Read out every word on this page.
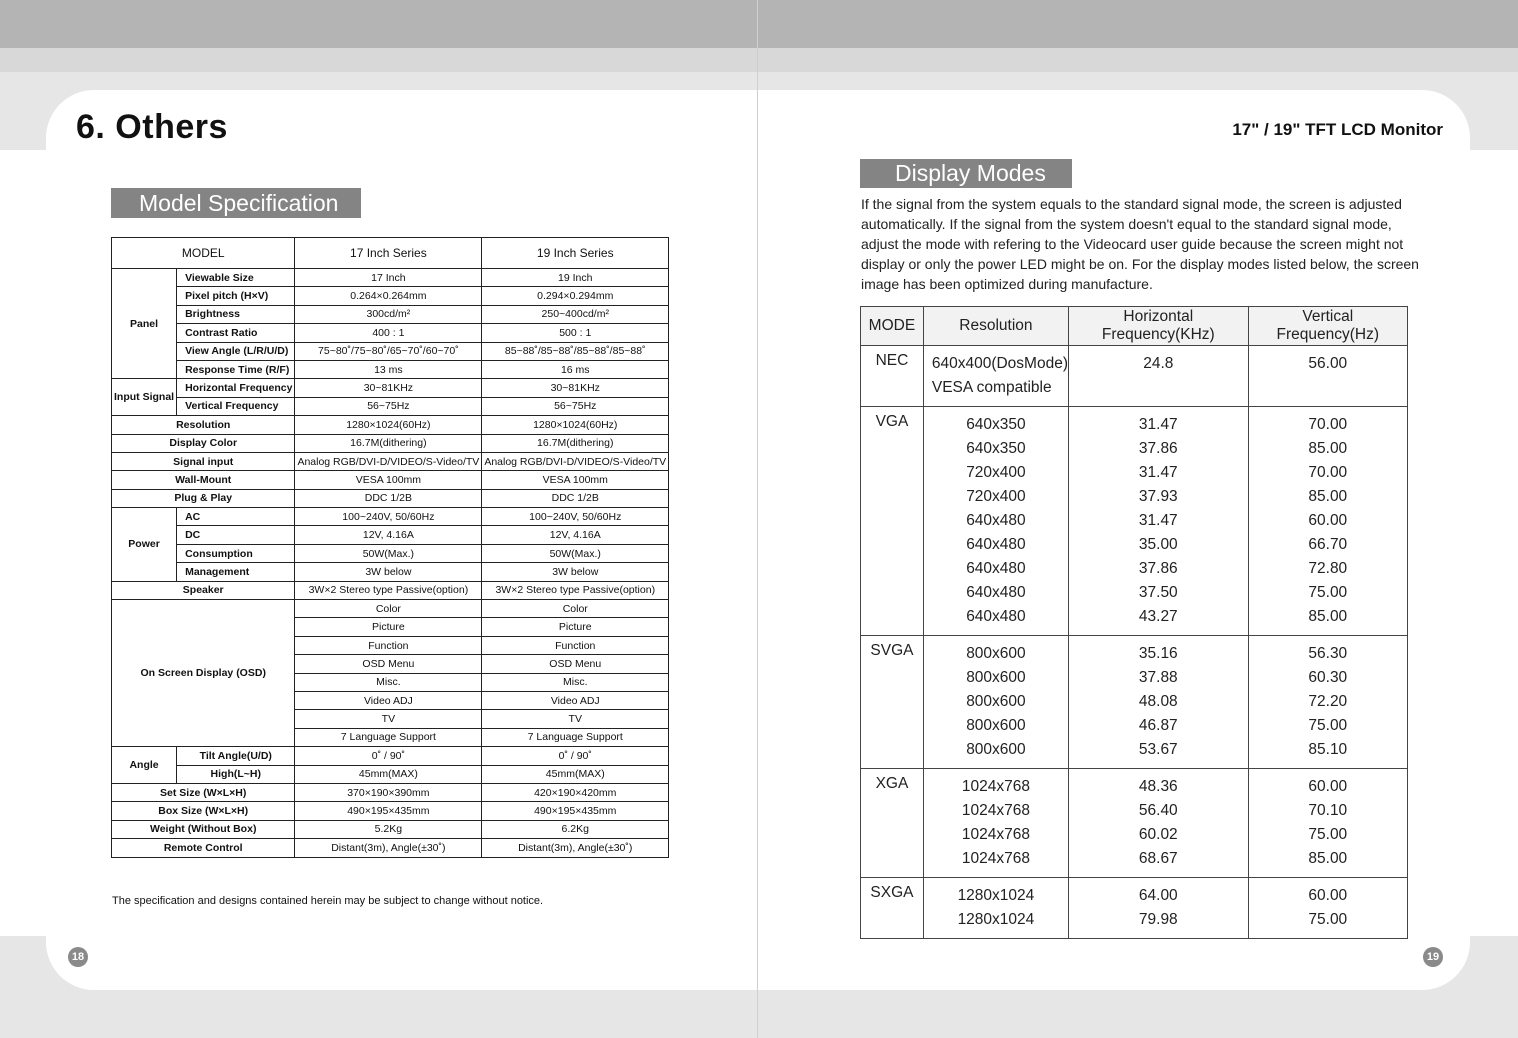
6. Others	17" / 19" TFT LCD Monitor
Model Specification
MODEL		17 Inch Series	19 Inch Series
Panel	Viewable Size	17 Inch	19 Inch
	Pixel pitch (H×V)	0.264×0.264mm	0.294×0.294mm
	Brightness	300cd/m²	250~400cd/m²
	Contrast Ratio	400 : 1	500 : 1
	View Angle (L/R/U/D)	75~80˚/75~80˚/65~70˚/60~70˚	85~88˚/85~88˚/85~88˚/85~88˚
	Response Time (R/F)	13 ms	16 ms
Input Signal	Horizontal Frequency	30~81KHz	30~81KHz
	Vertical Frequency	56~75Hz	56~75Hz
Resolution		1280×1024(60Hz)	1280×1024(60Hz)
Display Color		16.7M(dithering)	16.7M(dithering)
Signal input		Analog RGB/DVI-D/VIDEO/S-Video/TV	Analog RGB/DVI-D/VIDEO/S-Video/TV
Wall-Mount		VESA 100mm	VESA 100mm
Plug & Play		DDC 1/2B	DDC 1/2B
Power	AC	100~240V, 50/60Hz	100~240V, 50/60Hz
	DC	12V, 4.16A	12V, 4.16A
	Consumption	50W(Max.)	50W(Max.)
	Management	3W below	3W below
Speaker		3W×2 Stereo type Passive(option)	3W×2 Stereo type Passive(option)
On Screen Display (OSD)		Color	Color
		Picture	Picture
		Function	Function
		OSD Menu	OSD Menu
		Misc.	Misc.
		Video ADJ	Video ADJ
		TV	TV
		7 Language Support	7 Language Support
Angle	Tilt Angle(U/D)	0˚ / 90˚	0˚ / 90˚
	High(L~H)	45mm(MAX)	45mm(MAX)
Set Size (W×L×H)		370×190×390mm	420×190×420mm
Box Size (W×L×H)		490×195×435mm	490×195×435mm
Weight (Without Box)		5.2Kg	6.2Kg
Remote Control		Distant(3m), Angle(±30˚)	Distant(3m), Angle(±30˚)
The specification and designs contained herein may be subject to change without notice.
Display Modes
If the signal from the system equals to the standard signal mode, the screen is adjusted
automatically. If the signal from the system doesn't equal to the standard signal mode,
adjust the mode with refering to the Videocard user guide because the screen might not
display or only the power LED might be on. For the display modes listed below, the screen
image has been optimized during manufacture.
MODE	Resolution	Horizontal Frequency(KHz)	Vertical Frequency(Hz)
NEC	640x400(DosMode)	24.8	56.00
	VESA compatible		
VGA	640x350	31.47	70.00
	640x350	37.86	85.00
	720x400	31.47	70.00
	720x400	37.93	85.00
	640x480	31.47	60.00
	640x480	35.00	66.70
	640x480	37.86	72.80
	640x480	37.50	75.00
	640x480	43.27	85.00
SVGA	800x600	35.16	56.30
	800x600	37.88	60.30
	800x600	48.08	72.20
	800x600	46.87	75.00
	800x600	53.67	85.10
XGA	1024x768	48.36	60.00
	1024x768	56.40	70.10
	1024x768	60.02	75.00
	1024x768	68.67	85.00
SXGA	1280x1024	64.00	60.00
	1280x1024	79.98	75.00
18	19
